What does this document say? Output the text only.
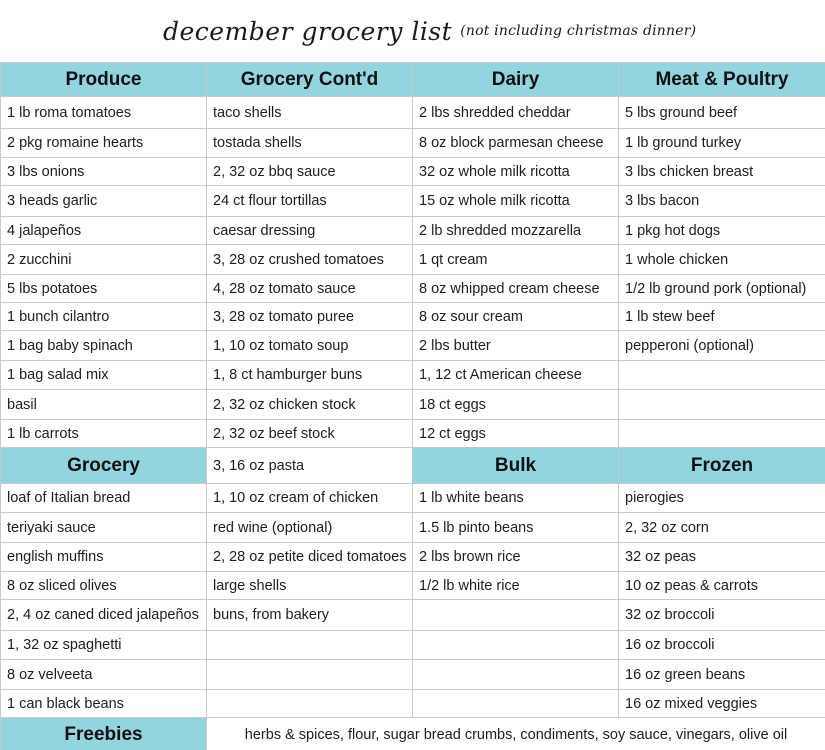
december grocery list (not including christmas dinner)
Produce	Grocery Cont'd	Dairy	Meat & Poultry
1 lb roma tomatoes	taco shells	2 lbs shredded cheddar	5 lbs ground beef
2 pkg romaine hearts	tostada shells	8 oz block parmesan cheese	1 lb ground turkey
3 lbs onions	2, 32 oz bbq sauce	32 oz whole milk ricotta	3 lbs chicken breast
3 heads garlic	24 ct flour tortillas	15 oz whole milk ricotta	3 lbs bacon
4 jalapeños	caesar dressing	2 lb shredded mozzarella	1 pkg hot dogs
2 zucchini	3, 28 oz crushed tomatoes	1 qt cream	1 whole chicken
5 lbs potatoes	4, 28 oz tomato sauce	8 oz whipped cream cheese	1/2 lb ground pork (optional)
1 bunch cilantro	3, 28 oz tomato puree	8 oz sour cream	1 lb stew beef
1 bag baby spinach	1, 10 oz tomato soup	2 lbs butter	pepperoni (optional)
1 bag salad mix	1, 8 ct hamburger buns	1, 12 ct American cheese	
basil	2, 32 oz chicken stock	18 ct eggs	
1 lb carrots	2, 32 oz beef stock	12 ct eggs	
Grocery	3, 16 oz pasta	Bulk	Frozen
loaf of Italian bread	1, 10 oz cream of chicken	1 lb white beans	pierogies
teriyaki sauce	red wine (optional)	1.5 lb pinto beans	2, 32 oz corn
english muffins	2, 28 oz petite diced tomatoes	2 lbs brown rice	32 oz peas
8 oz sliced olives	large shells	1/2 lb white rice	10 oz peas & carrots
2, 4 oz caned diced jalapeños	buns, from bakery		32 oz broccoli
1, 32 oz spaghetti			16 oz broccoli
8 oz velveeta			16 oz green beans
1 can black beans			16 oz mixed veggies
Freebies	herbs & spices, flour, sugar bread crumbs, condiments, soy sauce, vinegars, olive oil		
